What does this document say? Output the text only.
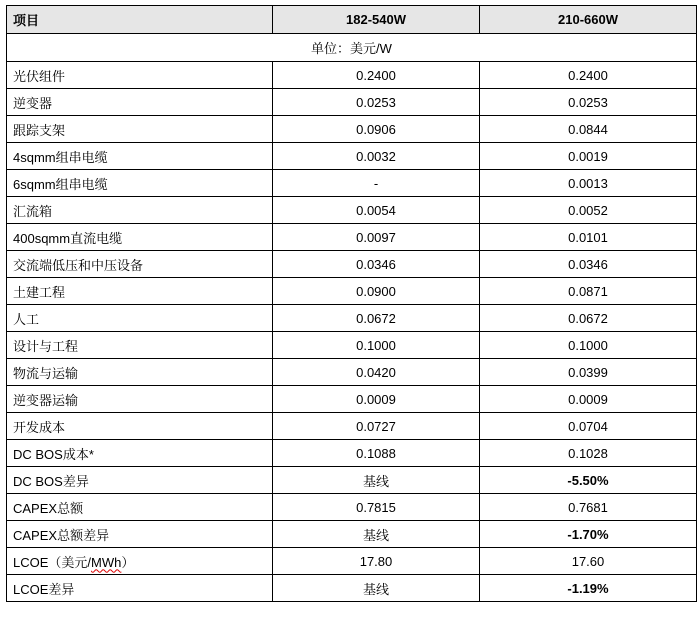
项目	182-540W	210-660W
单位：美元/W		
光伏组件	0.2400	0.2400
逆变器	0.0253	0.0253
跟踪支架	0.0906	0.0844
4sqmm组串电缆	0.0032	0.0019
6sqmm组串电缆	-	0.0013
汇流箱	0.0054	0.0052
400sqmm直流电缆	0.0097	0.0101
交流端低压和中压设备	0.0346	0.0346
土建工程	0.0900	0.0871
人工	0.0672	0.0672
设计与工程	0.1000	0.1000
物流与运输	0.0420	0.0399
逆变器运输	0.0009	0.0009
开发成本	0.0727	0.0704
DC BOS成本*	0.1088	0.1028
DC BOS差异	基线	-5.50%
CAPEX总额	0.7815	0.7681
CAPEX总额差异	基线	-1.70%
LCOE（美元/MWh）	17.80	17.60
LCOE差异	基线	-1.19%
